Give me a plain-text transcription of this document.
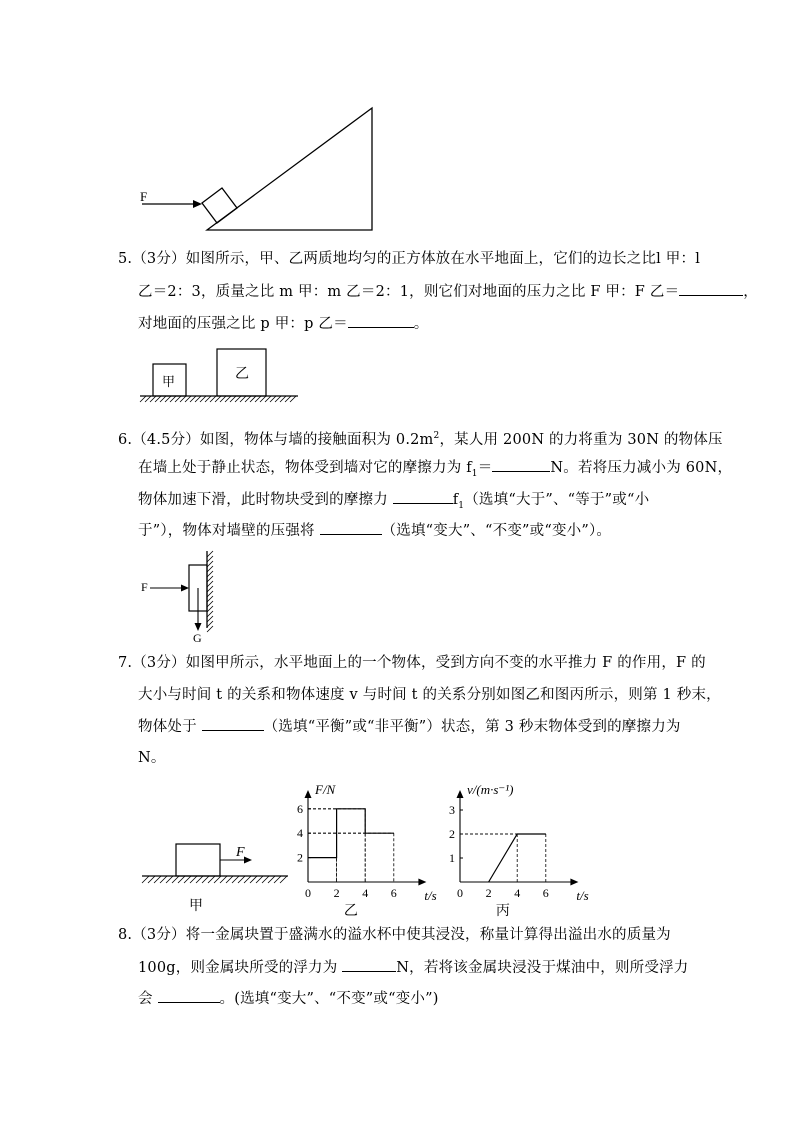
F
5.（3分）如图所示，甲、乙两质地均匀的正方体放在水平地面上，它们的边长之比l 甲：l
乙＝2：3，质量之比 m 甲：m 乙＝2：1，则它们对地面的压力之比 F 甲：F 乙＝	，
对地面的压强之比 p 甲：p 乙＝	。
甲	乙
6.（4.5分）如图，物体与墙的接触面积为 $0.2m^2$，某人用 200N 的力将重为 30N 的物体压
在墙上处于静止状态，物体受到墙对它的摩擦力为 $f_1=$	N。若将压力减小为 60N，
物体加速下滑，此时物块受到的摩擦力	$f_1$（选填“大于”、“等于”或“小
于”），物体对墙壁的压强将	（选填“变大”、“不变”或“变小”）。
F
G
7.（3分）如图甲所示，水平地面上的一个物体，受到方向不变的水平推力 F 的作用，F 的
大小与时间 t 的关系和物体速度 v 与时间 t 的关系分别如图乙和图丙所示，则第 1 秒末，
物体处于	（选填“平衡”或“非平衡”）状态，第 3 秒末物体受到的摩擦力为
N。
F
甲
0 2 4 6
2
4
6
F/N
t/s
乙
0 2 4 6
1
2
3
v/(m·s⁻¹)
t/s
丙
8.（3分）将一金属块置于盛满水的溢水杯中使其浸没，称量计算得出溢出水的质量为
100g，则金属块所受的浮力为	N，若将该金属块浸没于煤油中，则所受浮力
会	。(选填“变大”、“不变”或“变小”)
